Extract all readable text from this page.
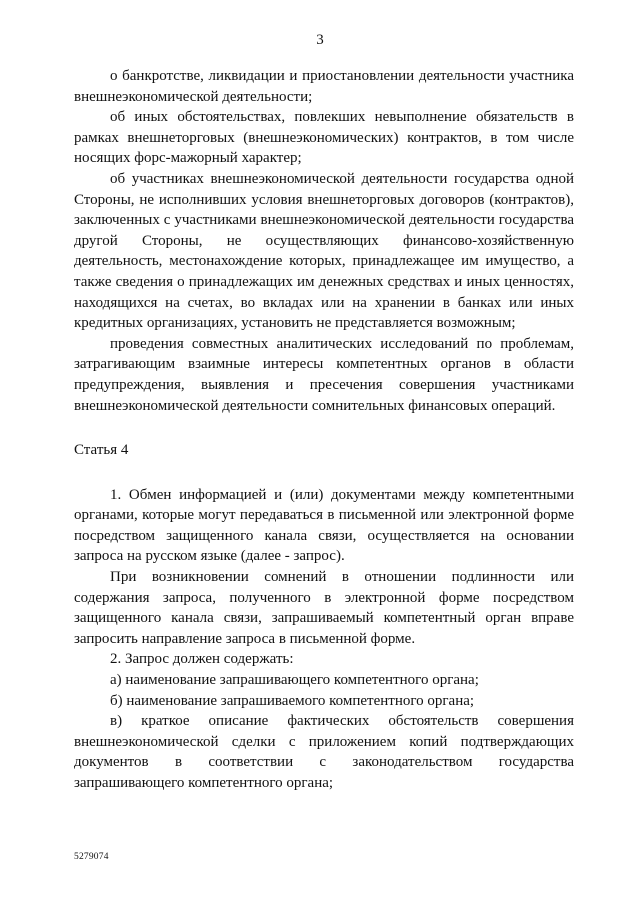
3

о банкротстве, ликвидации и приостановлении деятельности участника внешнеэкономической деятельности;

об иных обстоятельствах, повлекших невыполнение обязательств в рамках внешнеторговых (внешнеэкономических) контрактов, в том числе носящих форс-мажорный характер;

об участниках внешнеэкономической деятельности государства одной Стороны, не исполнивших условия внешнеторговых договоров (контрактов), заключенных с участниками внешнеэкономической деятельности государства другой Стороны, не осуществляющих финансово-хозяйственную деятельность, местонахождение которых, принадлежащее им имущество, а также сведения о принадлежащих им денежных средствах и иных ценностях, находящихся на счетах, во вкладах или на хранении в банках или иных кредитных организациях, установить не представляется возможным;

проведения совместных аналитических исследований по проблемам, затрагивающим взаимные интересы компетентных органов в области предупреждения, выявления и пресечения совершения участниками внешнеэкономической деятельности сомнительных финансовых операций.

Статья 4

1. Обмен информацией и (или) документами между компетентными органами, которые могут передаваться в письменной или электронной форме посредством защищенного канала связи, осуществляется на основании запроса на русском языке (далее - запрос).

При возникновении сомнений в отношении подлинности или содержания запроса, полученного в электронной форме посредством защищенного канала связи, запрашиваемый компетентный орган вправе запросить направление запроса в письменной форме.

2. Запрос должен содержать:

а) наименование запрашивающего компетентного органа;

б) наименование запрашиваемого компетентного органа;

в) краткое описание фактических обстоятельств совершения внешнеэкономической сделки с приложением копий подтверждающих документов в соответствии с законодательством государства запрашивающего компетентного органа;

5279074
